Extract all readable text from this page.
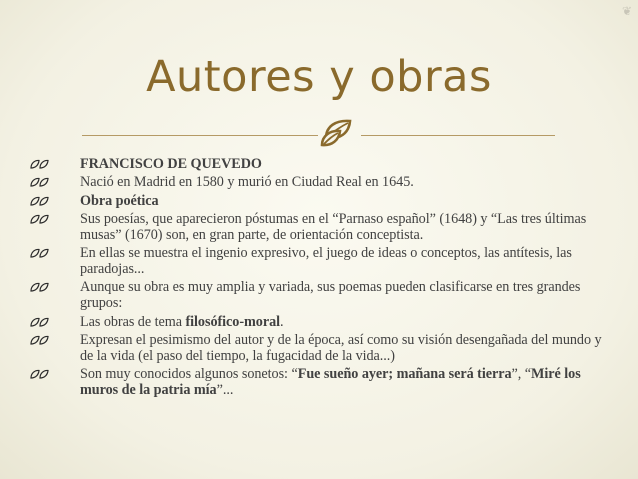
❦
Autores y obras
FRANCISCO DE QUEVEDO
Nació en Madrid en 1580 y murió en Ciudad Real en 1645.
Obra poética
Sus poesías, que aparecieron póstumas en el “Parnaso español” (1648) y “Las tres últimas musas” (1670) son, en gran parte, de orientación conceptista.
En ellas se muestra el ingenio expresivo, el juego de ideas o conceptos, las antítesis, las paradojas...
Aunque su obra es muy amplia y variada, sus poemas pueden clasificarse en tres grandes grupos:
Las obras de tema filosófico-moral.
Expresan el pesimismo del autor y de la época, así como su visión desengañada del mundo y de la vida (el paso del tiempo, la fugacidad de la vida...)
Son muy conocidos algunos sonetos: “Fue sueño ayer; mañana será tierra”, “Miré los muros de la patria mía”...
